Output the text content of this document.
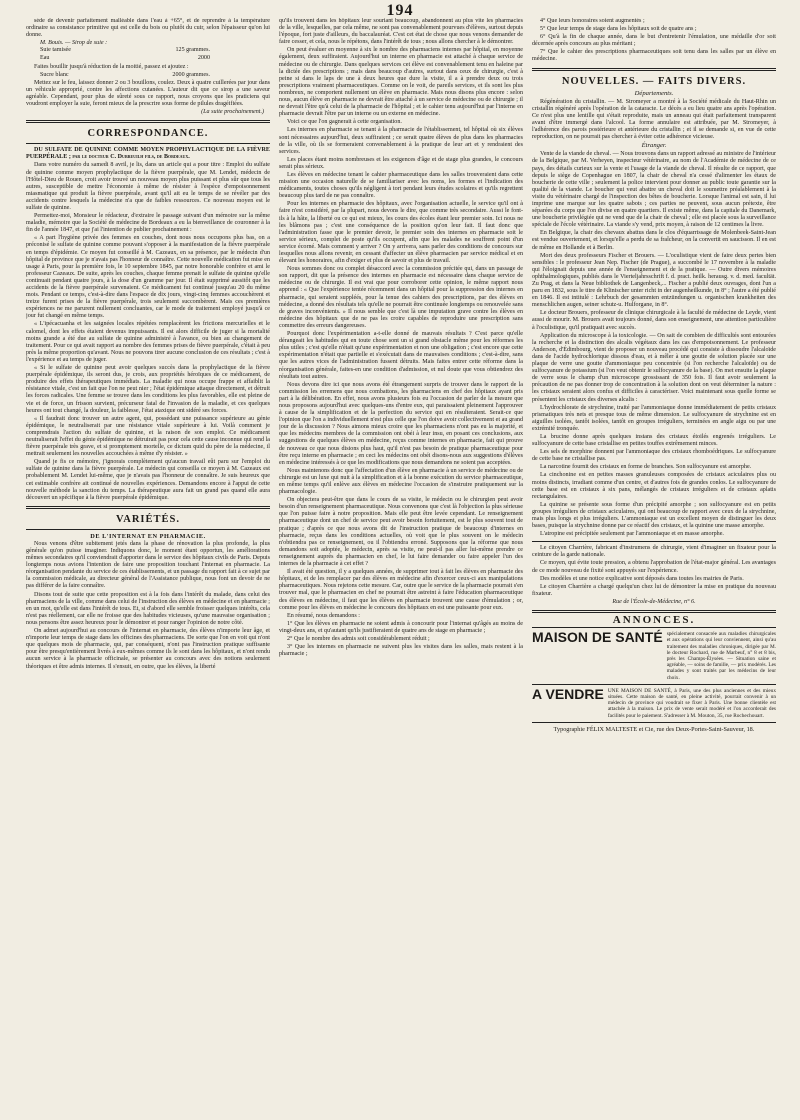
194

séde de devenir parfaitement malléable dans l'eau à +65°, et de reprendre à la température ordinaire sa consistance primitive qui est celle du bois ou plutôt du cuir, selon l'épaisseur qu'on lui donne.

M. Bouis. — Sirop de suie :
Suie tamisée	125 grammes.
Eau	2000

Faites bouillir jusqu'à réduction de la moitié, passez et ajoutez :

Sucre blanc	2000 grammes.

Mettez sur le feu, laissez donner 2 ou 3 bouillons, coulez. Deux à quatre cuillerées par jour dans un véhicule approprié, contre les affections cutanées. L'auteur dit que ce sirop a une saveur agréable. Cependant, pour plus de sûreté sous ce rapport, nous croyons que les praticiens qui voudront employer la suie, feront mieux de la prescrire sous forme de pilules dragéifiées.

(La suite prochainement.)
CORRESPONDANCE.

DU SULFATE DE QUININE COMME MOYEN PROPHYLACTIQUE DE LA FIÈVRE PUERPÉRALE ; par le docteur C. Dubreuilh fils, de Bordeaux.

Dans votre numéro du samedi 8 avril, je lis, dans un article qui a pour titre : Emploi du sulfate de quinine comme moyen prophylactique de la fièvre puerpérale, que M. Lendet, médecin de l'Hôtel-Dieu de Rouen, croit avoir trouvé un nouveau moyen plus puissant et plus sûr que tous les autres, susceptible de mettre l'économie à même de résister à l'espèce d'empoisonnement miasmatique qui produit la fièvre puerpérale, avant qu'il ait eu le temps de se révéler par des accidents contre lesquels la médecine n'a que de faibles ressources. Ce nouveau moyen est le sulfate de quinine.

Permettez-moi, Monsieur le rédacteur, d'extraire le passage suivant d'un mémoire sur la même maladie, mémoire que la Société de médecine de Bordeaux a eu la bienveillance de couronner à la fin de l'année 1847, et que j'ai l'intention de publier prochainement :

« A part l'hygiène privée des femmes en couches, dont nous nous occupons plus bas, on a préconisé le sulfate de quinine comme pouvant s'opposer à la manifestation de la fièvre puerpérale en temps d'épidémie. Ce moyen fut conseillé à M. Cazeaux, en sa présence, par le médecin d'un hôpital de province que je n'avais pas l'honneur de connaître. Cette nouvelle médication fut mise en usage à Paris, pour la première fois, le 10 septembre 1845, par notre honorable confrère et ami le professeur Cazeaux. De suite, après les couches, chaque femme prenait le sulfate de quinine qu'elle continuait pendant quatre jours, à la dose d'un gramme par jour. Il était supprimé aussitôt que les accidents de la fièvre puerpérale survenaient. Ce médicament fut continué jusqu'au 20 du même mois. Pendant ce temps, c'est-à-dire dans l'espace de dix jours, vingt-cinq femmes accouchèrent et treize furent prises de la fièvre puerpérale, trois seulement succombèrent. Mais ces premières expériences ne me parurent nullement concluantes, car le mode de traitement employé jusqu'à ce jour fut changé en même temps.

« L'ipécacuanha et les saignées locales répétées remplacèrent les frictions mercurielles et le calomel, dont les effets étaient devenus impuissants. Il est alors difficile de juger si la mortalité moins grande a été due au sulfate de quinine administré à l'avance, ou bien au changement de traitement. Pour ce qui avait rapport au nombre des femmes prises de fièvre puerpérale, c'était à peu près la même proportion qu'avant. Nous ne pouvons tirer aucune conclusion de ces résultats ; c'est à l'expérience et au temps de juger.

« Si le sulfate de quinine peut avoir quelques succès dans la prophylactique de la fièvre puerpérale épidémique, ils seront dus, je crois, aux propriétés héroïques de ce médicament, de produire des effets thérapeutiques immédiats. La maladie qui nous occupe frappe et affaiblit la résistance vitale, c'est un fait que l'on ne peut nier ; l'état épidémique attaque directement, et détruit les forces radicales. Une femme se trouve dans les conditions les plus favorables, elle est pleine de vie et de force, un frisson survient, précurseur fatal de l'invasion de la maladie, et ces quelques heures ont tout changé, la douleur, la faiblesse, l'état ataxique ont sidéré ses forces.

« Il faudrait donc trouver un autre agent, qui, possédant une puissance supérieure au génie épidémique, le neutraliserait par une résistance vitale supérieure à lui. Voilà comment je comprendrais l'action du sulfate de quinine, et la raison de son emploi. Ce médicament neutraliserait l'effet du génie épidémique ne détruirait pas pour cela cette cause inconnue qui rend la fièvre puerpérale très grave, et si promptement mortelle, ce dictum quid du père de la médecine, il mettrait seulement les nouvelles accouchées à même d'y résister. »

Quand je fis ce mémoire, j'ignorais complètement qu'aucun travail eût paru sur l'emploi du sulfate de quinine dans la fièvre puerpérale. Le médecin qui conseilla ce moyen à M. Cazeaux est probablement M. Lendet lui-même, que je n'avais pas l'honneur de connaître. Je suis heureux que cet estimable confrère ait continué de nouvelles expériences. Demandons encore à l'appui de cette nouvelle méthode la sanction du temps. La thérapeutique aura fait un grand pas quand elle aura découvert un spécifique à la fièvre puerpérale épidémique.

VARIÉTÉS.
DE L'INTERNAT EN PHARMACIE.

Nous venons d'être subitement jetés dans la phase de rénovation la plus profonde, la plus générale qu'on puisse imaginer. Indiquons donc, le moment étant opportun, les améliorations mêmes secondaires qu'il conviendrait d'apporter dans le service des hôpitaux civils de Paris. Depuis longtemps nous avions l'intention de faire une proposition touchant l'internat en pharmacie. La réorganisation pendante du service de ces établissements, et un passage du rapport fait à ce sujet par la commission médicale, au directeur général de l'Assistance publique, nous font un devoir de ne pas différer de la faire connaître.

Disons tout de suite que cette proposition est à la fois dans l'intérêt du malade, dans celui des pharmaciens de la ville, comme dans celui de l'instruction des élèves en médecine et en pharmacie ; en un mot, qu'elle est dans l'intérêt de tous. Et, si d'abord elle semble froisser quelques intérêts, cela n'est pas réellement, car elle ne froisse que des habitudes vicieuses, qu'une mauvaise organisation ; nous pensons être assez heureux pour le démontrer et pour ranger l'opinion de notre côté.

On admet aujourd'hui au concours de l'internat en pharmacie, des élèves n'importe leur âge, et n'importe leur temps de stage dans les officines des pharmaciens. De sorte que l'on en voit qui n'ont que quelques mois de pharmacie, qui, par conséquent, n'ont pas l'instruction pratique suffisante pour être presqu'entièrement livrés à eux-mêmes comme ils le sont dans les hôpitaux, et n'ont rendu aucun service à la pharmacie officinale, se présenter au concours avec des notions seulement théoriques et être admis internes. Il s'ensuit, en outre, que les élèves, la liberté

qu'ils trouvent dans les hôpitaux leur souriant beaucoup, abandonnent au plus vite les pharmacies de la ville, lesquelles, par cela même, ne sont pas convenablement pourvues d'élèves, surtout depuis l'époque, fort juste d'ailleurs, du baccalauréat. C'est cet état de chose que nous venons demander de faire cesser, et cela, nous le répétons, dans l'intérêt de tous ; nous allons chercher à le démontrer.

On peut évaluer en moyenne à six le nombre des pharmaciens internes par hôpital, en moyenne également, deux suffiraient. Aujourd'hui un interne en pharmacie est attaché à chaque service de médecine ou de chirurgie. Dans quelques services cet élève est convenablement tenu en haleine par la dictée des prescriptions ; mais dans beaucoup d'autres, surtout dans ceux de chirurgie, c'est à peine si dans le laps de une à deux heures que dure la visite, il a à prendre deux ou trois prescriptions vraiment pharmaceutiques. Comme on le voit, de pareils services, et ils sont les plus nombreux, ne comportent nullement un élève en pharmacie. Mais nous disons plus encore : selon nous, aucun élève en pharmacie ne devrait être attaché à un service de médecine ou de chirurgie ; il ne devrait l'être qu'à celui de la pharmacie de l'hôpital ; et le cahier tenu aujourd'hui par l'interne en pharmacie devrait l'être par un interne ou un externe en médecine.

Voici ce que l'on gagnerait à cette organisation.

Les internes en pharmacie se tenant à la pharmacie de l'établissement, tel hôpital où six élèves sont nécessaires aujourd'hui, deux suffiraient ; ce serait quatre élèves de plus dans les pharmacies de la ville, où ils se formeraient convenablement à la pratique de leur art et y rendraient des services.

Les places étant moins nombreuses et les exigences d'âge et de stage plus grandes, le concours serait plus sérieux.

Les élèves en médecine tenant le cahier pharmaceutique dans les salles trouveraient dans cette mission une occasion naturelle de se familiariser avec les noms, les formes et l'indication des médicaments, toutes choses qu'ils négligent à tort pendant leurs études scolaires et qu'ils regrettent beaucoup plus tard de ne pas connaître.

Pour les internes en pharmacie des hôpitaux, avec l'organisation actuelle, le service qu'il ont à faire n'est considéré, par la plupart, nous devons le dire, que comme très secondaire. Aussi le font-ils à la hâte, la liberté ou ce qui est mieux, les cours des écoles étant leur premier soin. Ici nous ne les blâmons pas ; c'est une conséquence de la position qu'on leur fait. Il faut donc que l'administration fasse que le premier devoir, le premier soin des internes en pharmacie soit le service sérieux, complet de poste qu'ils occupent, afin que les malades ne souffrent point d'un service écorné. Mais comment y arriver ? On y arrivera, sans parler des conditions de concours sur lesquelles nous allons revenir, en cessant d'affecter un élève pharmacien par service médical et en élevant les honoraires, afin d'exiger et plus de savoir et plus de travail.

Nous sommes donc ou complet désaccord avec la commission précitée qui, dans un passage de son rapport, dit que la présence des internes en pharmacie est nécessaire dans chaque service de médecine ou de chirurgie. Il est vrai que pour corroborer cette opinion, le même rapport nous apprend : « Que l'expérience tentée récemment dans un hôpital pour la suppression des internes en pharmacie, qui seraient suppléés, pour la tenue des cahiers des prescriptions, par des élèves en médecine, a donné des résultats tels qu'elle ne pourrait être continuée longtemps ou renouvelée sans de graves inconvénients. » Il nous semble que c'est là une imputation grave contre les élèves en médecine des hôpitaux que de ne pas les croire capables de reproduire une prescription sans commettre des erreurs dangereuses.

Pourquoi donc l'expérimentation a-t-elle donné de mauvais résultats ? C'est parce qu'elle dérangeait les habitudes qui en toute chose sont un si grand obstacle même pour les réformes les plus utiles ; c'est qu'elle n'était qu'une expérimentation et non une obligation ; c'est encore que cette expérimentation n'était que partielle et s'exécutait dans de mauvaises conditions ; c'est-à-dire, sans que les autres vices de l'administration fussent détruits. Mais faites entrer cette réforme dans la réorganisation générale, faites-en une condition d'admission, et nul doute que vous obtiendrez des résultats tout autres.

Nous devons dire ici que nous avons été étrangement surpris de trouver dans le rapport de la commission les erremens que nous combattons, les pharmaciens en chef des hôpitaux ayant pris part à la délibération. En effet, nous avons plusieurs fois eu l'occasion de parler de la mesure que nous proposons aujourd'hui avec quelques-uns d'entre eux, qui paraissaient pleinement l'approuver à cause de la simplification et de la perfection du service qui en résulteraient. Serait-ce que l'opinion que l'on a individuellement n'est plus celle que l'on doive avoir collectivement et au grand jour de la discussion ? Nous aimons mieux croire que les pharmaciens n'ont pas eu la majorité, et que les médecins membres de la commission ont obéi à leur insu, en posant ces conclusions, aux suggestions de quelques élèves en médecine, reçus comme internes en pharmacie, fait qui prouve de nouveau ce que nous disions plus haut, qu'il n'est pas besoin de pratique pharmaceutique pour être reçu interne en pharmacie ; en ceci les médecins ont obéi disons-nous aux suggestions d'élèves en médecine intéressés à ce que les modifications que nous demandons ne soient pas acceptées.

Nous maintenons donc que l'affectation d'un élève en pharmacie à un service de médecine ou de chirurgie est un luxe qui nuit à la simplification et à la bonne exécution du service pharmaceutique, en même temps qu'il enlève aux élèves en médecine l'occasion de s'instruire pratiquement sur la pharmacologie.

On objectera peut-être que dans le cours de sa visite, le médecin ou le chirurgien peut avoir besoin d'un renseignement pharmaceutique. Nous convenons que c'est là l'objection la plus sérieuse que l'on puisse faire à notre proposition. Mais elle peut être levée cependant. Le renseignement pharmaceutique dont un chef de service peut avoir besoin fortuitement, est le plus souvent tout de pratique ; d'après ce que nous avons dit de l'instruction pratique de beaucoup d'internes en pharmacie, reçus dans les conditions actuelles, où voit que le plus souvent on le médecin n'obtiendra pas ce renseignement, ou il l'obtiendra erroné. Supposons que la réforme que nous demandons soit adoptée, le médecin, après sa visite, ne peut-il pas aller lui-même prendre ce renseignement auprès du pharmacien en chef, le lui faire demander ou faire appeler l'un des internes de la pharmacie à cet effet ?

Il avait été question, il y a quelques années, de supprimer tout à fait les élèves en pharmacie des hôpitaux, et de les remplacer par des élèves en médecine afin d'exercer ceux-ci aux manipulations pharmaceutiques. Nous rejetons cette mesure. Car, outre que le service de la pharmacie pourrait s'en trouver mal, que le pharmacien en chef ne pourrait être astreint à faire l'éducation pharmaceutique des élèves en médecine, il faut que les élèves en pharmacie trouvent une cause d'émulation ; or, comme pour les élèves en médecine le concours des hôpitaux en est une puissante pour eux.

En résumé, nous demandons :

1° Que les élèves en pharmacie ne soient admis à concourir pour l'internat qu'âgés au moins de vingt-deux ans, et qu'autant qu'ils justifieraient de quatre ans de stage en pharmacie ;

2° Que le nombre des admis soit considérablement réduit ;

3° Que les internes en pharmacie ne suivent plus les visites dans les salles, mais restent à la pharmacie ;

4° Que leurs honoraires soient augmentés ;

5° Que leur temps de stage dans les hôpitaux soit de quatre ans ;

6° Qu'à la fin de chaque année, dans le but d'entretenir l'émulation, une médaille d'or soit décernée après concours au plus méritant ;

7° Que le cahier des prescriptions pharmaceutiques soit tenu dans les salles par un élève en médecine.

NOUVELLES. — FAITS DIVERS.
Départements.

Régénération du cristallin. — M. Stromeyer a montré à la Société médicale du Haut-Rhin un cristallin régénéré après l'opération de la cataracte. Le décès a eu lieu quatre ans après l'opération. Ce n'est plus une lentille qui s'était reproduite, mais un anneau qui était parfaitement transparent avant d'être immergé dans l'alcool. La forme annulaire est attribuée, par M. Stromeyer, à l'adhérence des parois postérieure et antérieure du cristallin ; et il se demande si, en vue de cette reproduction, on ne pourrait pas chercher à éviter cette adhérence vicieuse.

Étranger.

Vente de la viande de cheval. — Nous trouvons dans un rapport adressé au ministre de l'intérieur de la Belgique, par M. Verheyen, inspecteur vétérinaire, au nom de l'Académie de médecine de ce pays, des détails curieux sur la vente et l'usage de la viande de cheval. Il résulte de ce rapport, que depuis le siège de Copenhague en 1807, la chair de cheval n'a cessé d'alimenter les étaux de boucherie de cette ville ; seulement la police intervient pour donner au public toute garantie sur la qualité de la viande. Le boucher qui veut abattre un cheval doit le soumettre préalablement à la visite du vétérinaire chargé de l'inspection des bêtes de boucherie. Lorsque l'animal est sain, il lui imprime une marque sur les quatre sabots ; ces parties ne peuvent, sous aucun prétexte, être séparées du corps que l'on divise en quatre quartiers. Il existe même, dans la capitale du Danemark, une boucherie privilégiée qui ne vend que de la chair de cheval ; elle est placée sous la surveillance spéciale de l'école vétérinaire. La viande s'y vend, prix moyen, à raison de 12 centimes la livre.

En Belgique, la chair des chevaux abattus dans le clos d'équarrissage de Molenbeek-Saint-Jean est vendue ouvertement, et lorsqu'elle a perdu de sa fraîcheur, on la convertit en saucisson. Il en est de même en Hollande et à Berlin.

Mort des deux professeurs Fischer et Brouers. — L'oculistique vient de faire deux pertes bien sensibles : le professeur Jean Nep. Fischer (de Prague), a succombé le 17 novembre à la maladie qui l'éloignait depuis une année de l'enseignement et de la pratique. — Outre divers mémoires ophthalmologiques, publiés dans le Vierteljahrsschrift f. d. pract. heilk. herausg. v. d. med. facultät. Zu Prag, et dans la Neue bibliothek de Langenbeck,... Fischer a publié deux ouvrages, dont l'un a paru en 1832, sous le titre de Klinischer unter richt in der augenheilkunde, in 8° ; l'autre a été publié en 1846. Il est intitulé : Lehrbuch der gesammten entzündungen u. organischen krankheiten des menschlichen augen, seiner schutz-u. Hulforgane, in 8°.

Le docteur Brouers, professeur de clinique chirurgicale à la faculté de médecine de Leyde, vient aussi de mourir. M. Brouers avait toujours donné, dans son enseignement, une attention particulière à l'oculistique, qu'il pratiquait avec succès.

Application du microscope à la toxicologie. — On sait de combien de difficultés sont entourées la recherche et la distinction des alcalis végétaux dans les cas d'empoisonnement. Le professeur Anderson, d'Édimbourg, vient de proposer un nouveau procédé qui consiste à dissoudre l'alcaloïde dans de l'acide hydrochlorique dissous d'eau, et à mêler à une goutte de solution placée sur une plaque de verre une goutte d'ammoniaque peu concentrée (si l'on recherche l'alcaloïde) ou de sulfocyanure de potassium (si l'on veut obtenir le sulfocyanure de la base). On met ensuite la plaque de verre sous le champ d'un microscope grossissant de 350 fois. Il faut avoir seulement la précaution de ne pas donner trop de concentration à la solution dont on veut déterminer la nature : les cristaux seraient alors confus et difficiles à caractériser. Voici maintenant sous quelle forme se présentent les cristaux des diverses alcalis :

L'hydrochlorate de strychnine, traité par l'ammoniaque donne immédiatement de petits cristaux prismatiques très nets et presque tous de même dimension. Le sulfocyanure de strychnine est en aiguilles isolées, tantôt isolées, tantôt en groupes irréguliers, terminées en angle aigu ou par une extrémité tronquée.

La brucine donne après quelques instans des cristaux étoilés engrenés irréguliers. Le sulfocyanure de cette base cristallise en petites touffes extrêmement minces.

Les sels de morphine donnent par l'ammoniaque des cristaux rhomboédriques. Le sulfocyanure de cette base ne cristallise pas.

La narcotine fournit des cristaux en forme de branches. Son sulfocyanure est amorphe.

La cinchonine est en petites masses granuleuses composées de cristaux aciculaires plus ou moins distincts, irradiant comme d'un centre, et d'autres fois de grandes conlos. Le sulfocyanure de cette base est en cristaux à six pans, mélangés de cristaux irréguliers et de cristaux aplatis rectangulaires.

La quinine se présente sous forme d'un précipité amorphe ; son sulfocyanure est en petits groupes irréguliers de cristaux aciculaires, qui ont beaucoup de rapport avec ceux de la strychnine, mais plus longs et plus irréguliers. L'ammoniaque est un excellent moyen de distinguer les deux bases, puisque la strychnine donne par ce réactif des cristaux, et la quinine une masse amorphe.

L'atropine est précipitée seulement par l'ammoniaque et en masse amorphe.

Le citoyen Charrière, fabricant d'instrumens de chirurgie, vient d'imaginer un fixateur pour la ceinture de la garde nationale.

Ce moyen, qui évite toute pression, a obtenu l'approbation de l'état-major général. Les avantages de ce mode nouveau de fixité sont appuyés sur l'expérience.

Des modèles et une notice explicative sont déposés dans toutes les mairies de Paris.

Le citoyen Charrière a chargé quelqu'un chez lui de démontrer la mise en pratique du nouveau fixateur.

Rue de l'École-de-Médecine, n° 6.
ANNONCES.
MAISON DE SANTÉ spécialement consacrée aux maladies chirurgicales et aux opérations qui leur conviennent, ainsi qu'au traitement des maladies chroniques, dirigée par M. le docteur Rochard, rue de Marbeuf, n° 8 et 8 bis, près les Champs-Élysées. — Situation saine et agréable, — soins de famille, — prix modérés. Les malades y sont traités par les médecins de leur choix.
A VENDRE UNE MAISON DE SANTÉ, à Paris, une des plus anciennes et des mieux situées. Cette maison de santé, en pleine activité, pourrait convenir à un médecin de province qui voudrait se fixer à Paris. Une bonne clientèle est attachée à la maison. Le prix de vente serait modéré et l'on accorderait des facilités pour le paiement. S'adresser à M. Mouton, 35, rue Rochechouart.
Typographie FÉLIX MALTESTE et Cie, rue des Deux-Portes-Saint-Sauveur, 18.
